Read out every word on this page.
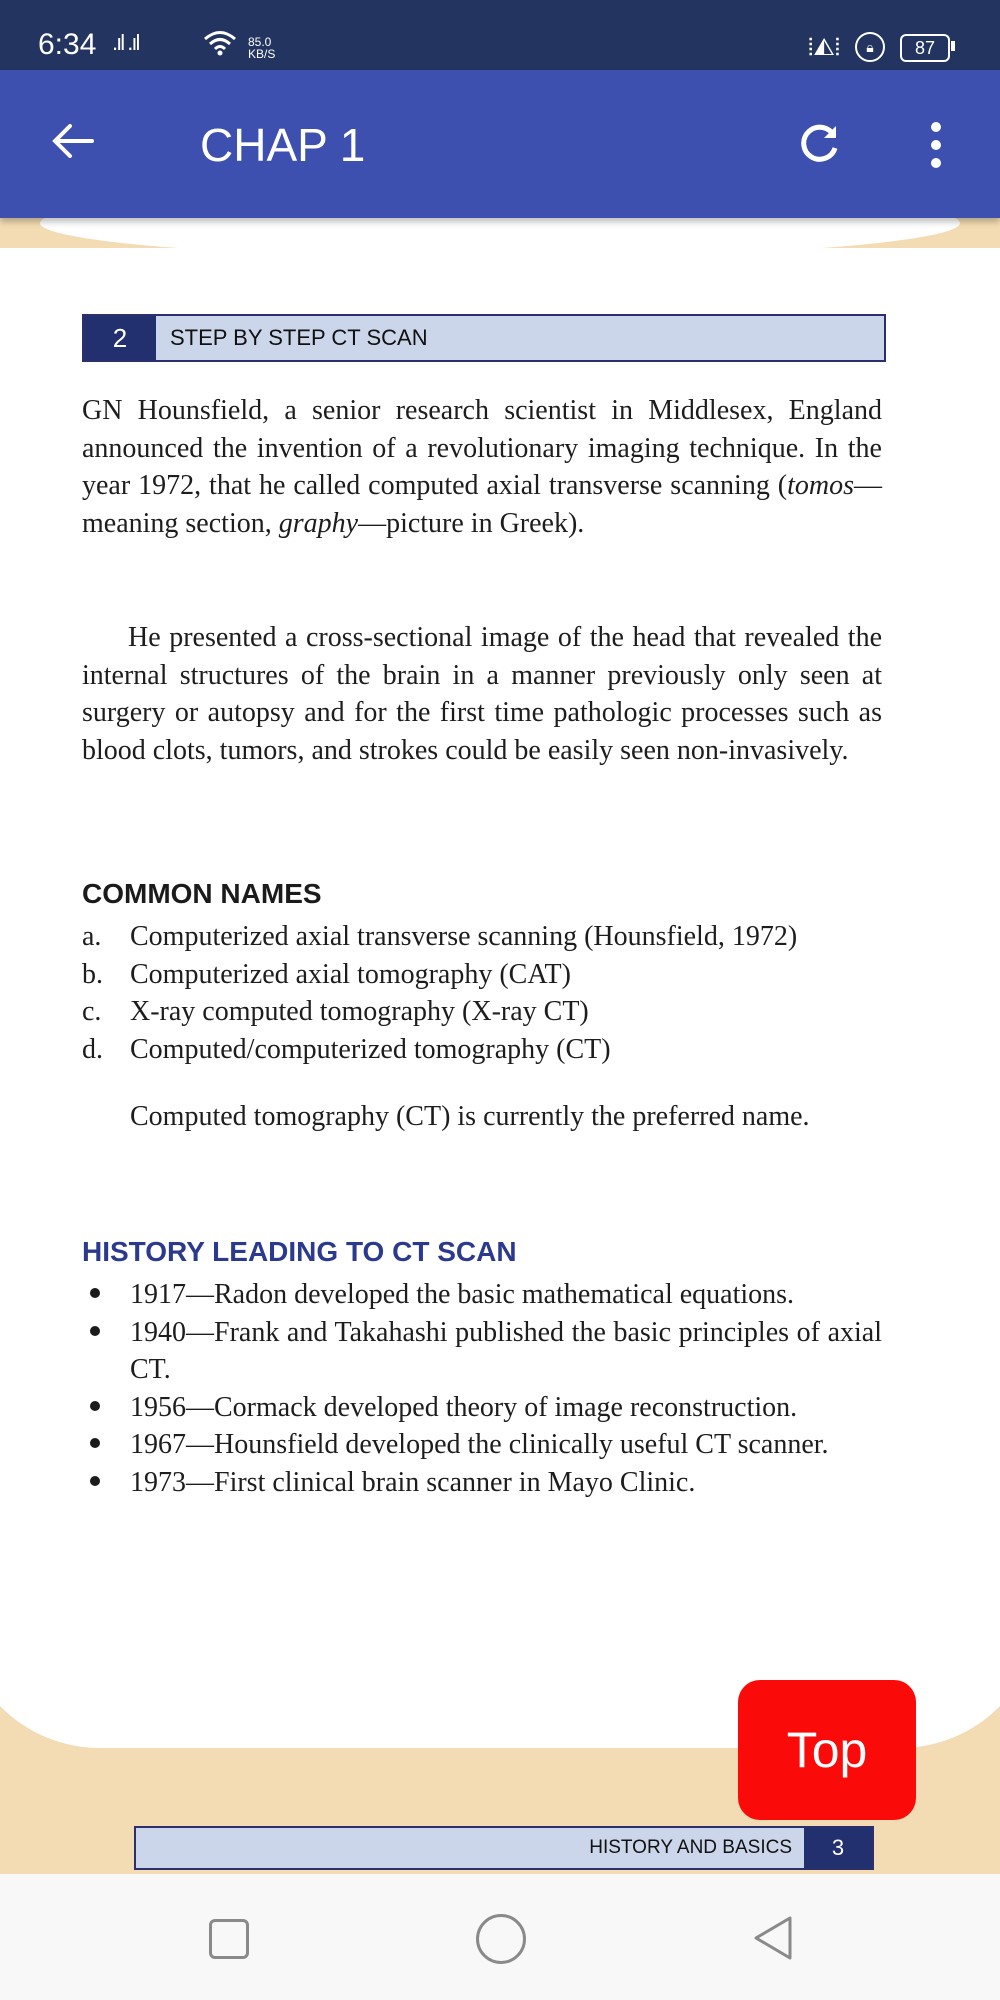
6:34 .ıl .ıl	85.0
KB/S	⦙◭⦙	🔒︎	87
CHAP 1
2	STEP BY STEP CT SCAN
GN Hounsfield, a senior research scientist in Middlesex, England announced the invention of a revolutionary imaging technique. In the year 1972, that he called computed axial transverse scanning (tomos— meaning section, graphy—picture in Greek).
He presented a cross-sectional image of the head that revealed the internal structures of the brain in a manner previously only seen at surgery or autopsy and for the first time pathologic processes such as blood clots, tumors, and strokes could be easily seen non-invasively.
COMMON NAMES
a. Computerized axial transverse scanning (Hounsfield, 1972)
b. Computerized axial tomography (CAT)
c. X-ray computed tomography (X-ray CT)
d. Computed/computerized tomography (CT)
Computed tomography (CT) is currently the preferred name.
HISTORY LEADING TO CT SCAN
1917—Radon developed the basic mathematical equations.
1940—Frank and Takahashi published the basic principles of axial CT.
1956—Cormack developed theory of image reconstruction.
1967—Hounsfield developed the clinically useful CT scanner.
1973—First clinical brain scanner in Mayo Clinic.
Top
HISTORY AND BASICS	3
